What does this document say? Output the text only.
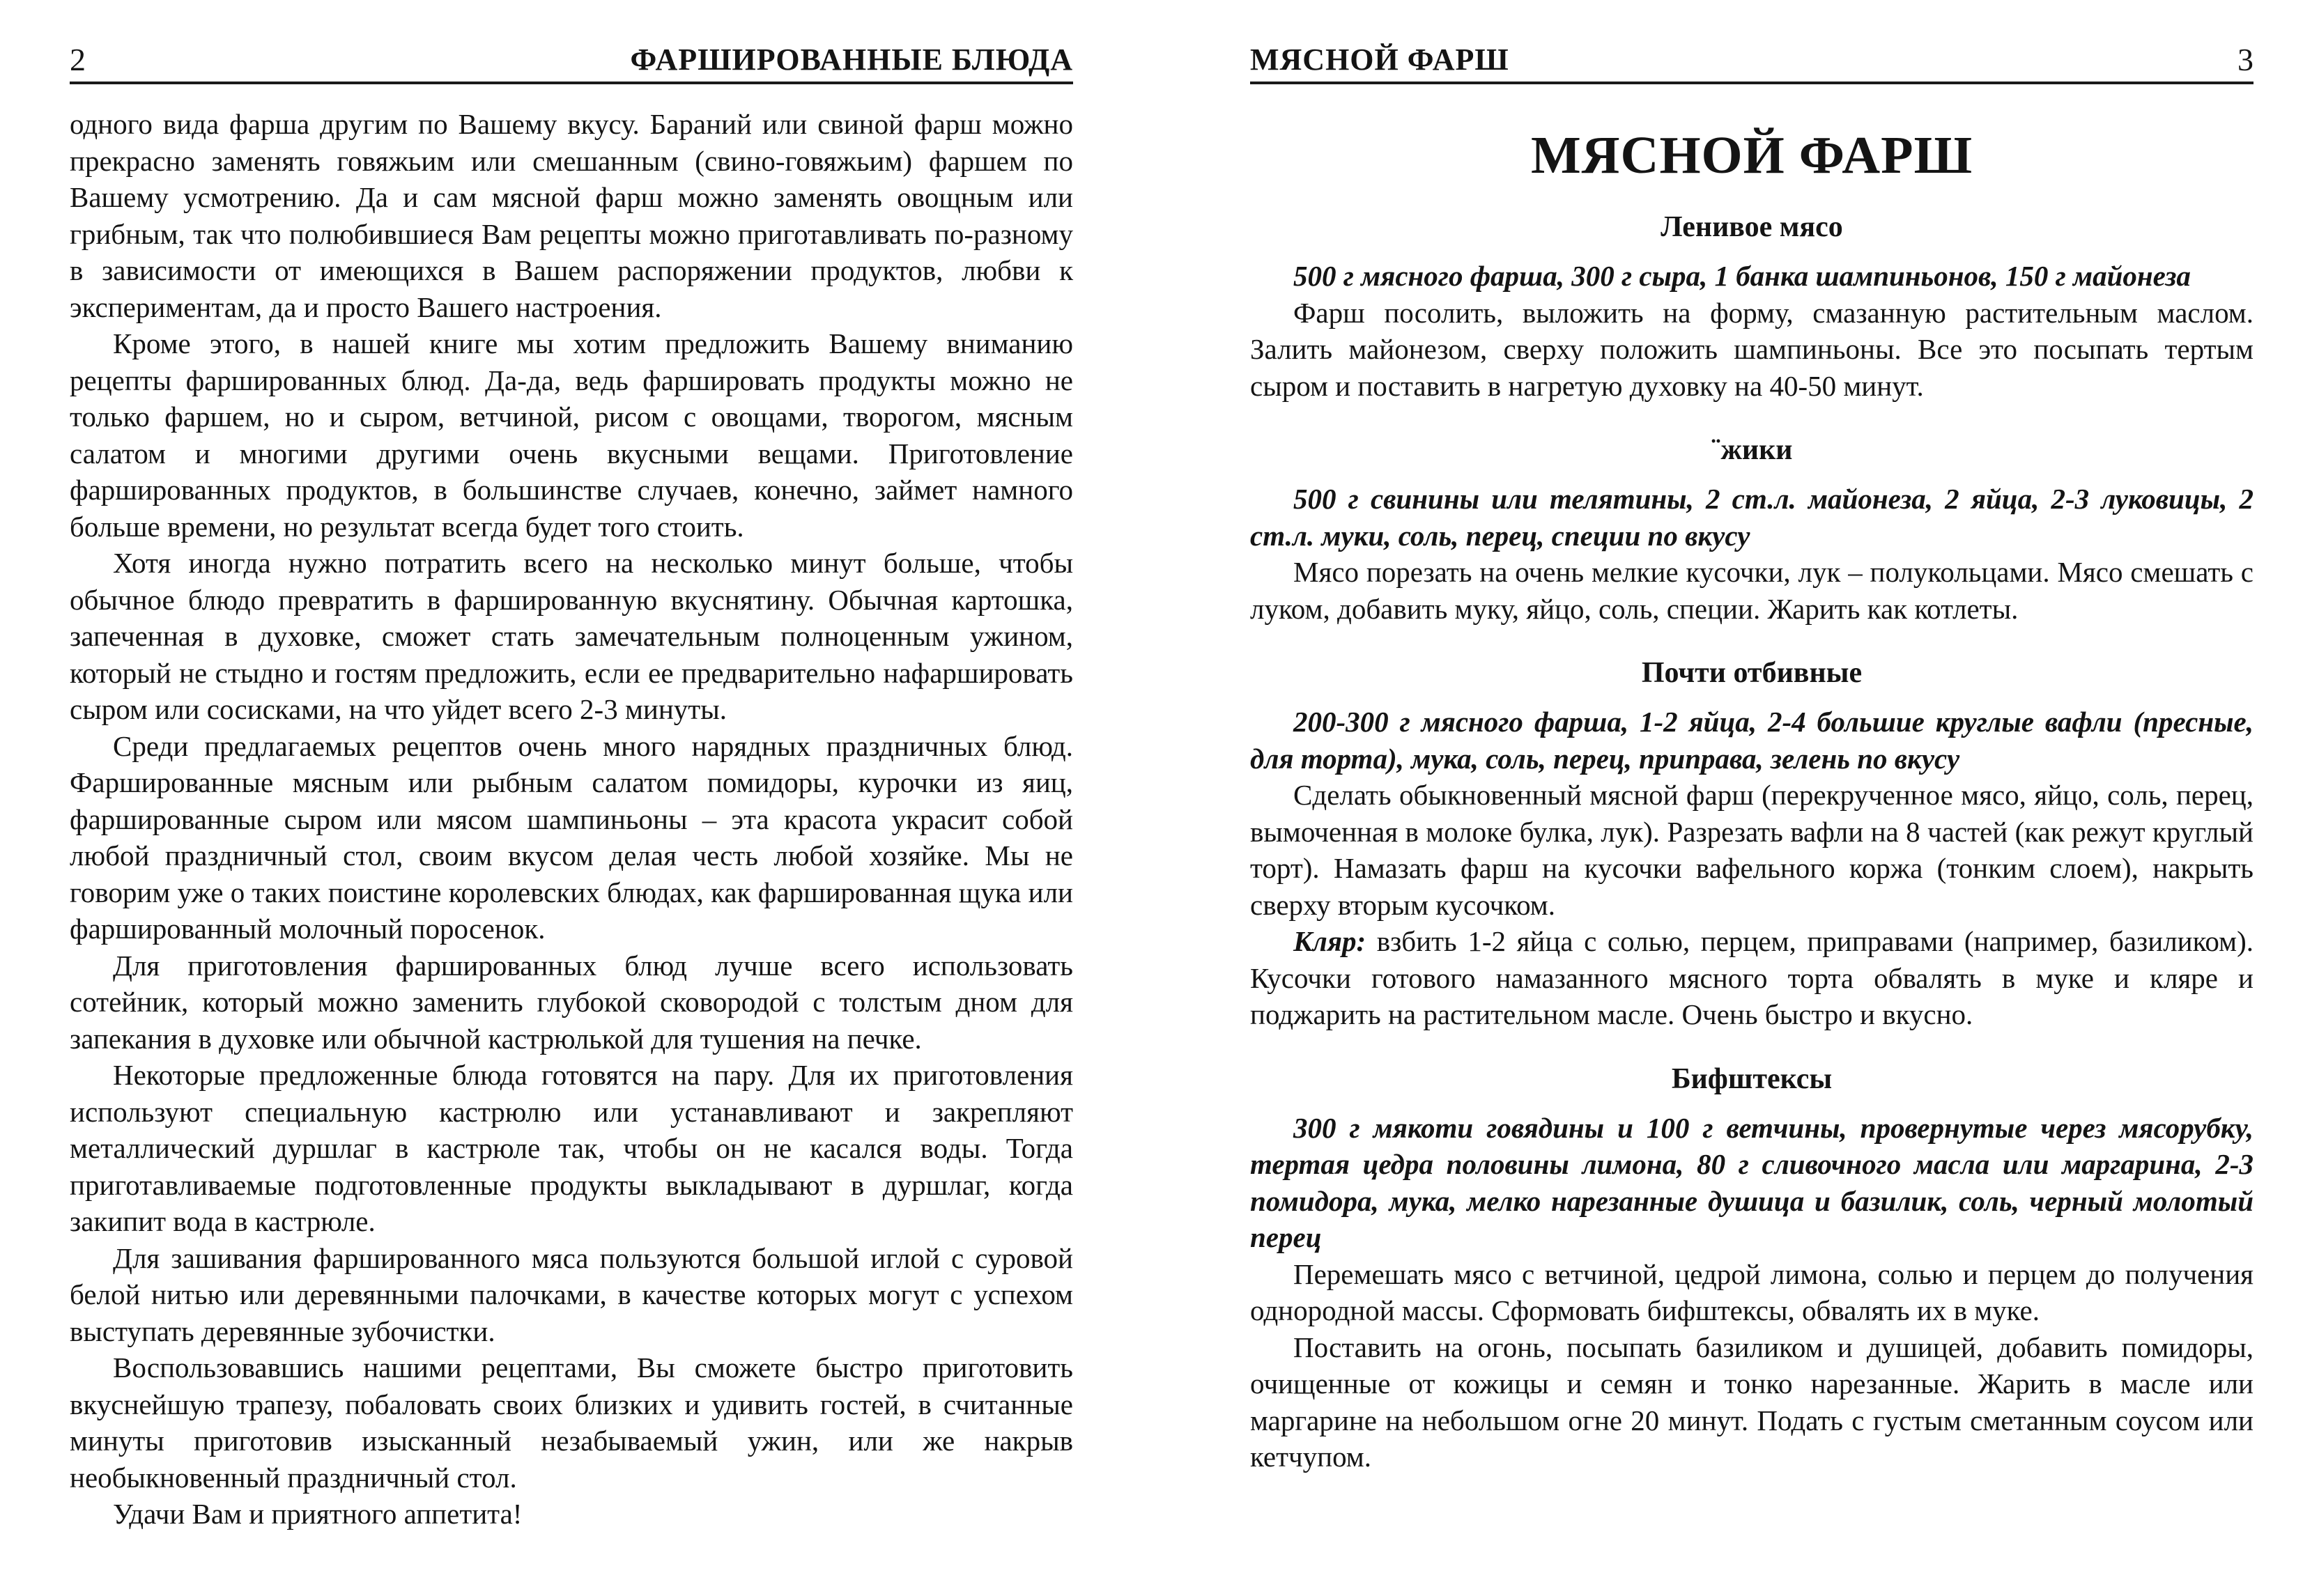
2	ФАРШИРОВАННЫЕ БЛЮДА

одного вида фарша другим по Вашему вкусу. Бараний или свиной фарш можно прекрасно заменять говяжьим или смешанным (свино-говяжьим) фаршем по Вашему усмотрению. Да и сам мясной фарш можно заменять овощным или грибным, так что полюбившиеся Вам рецепты можно приготавливать по-разному в зависимости от имеющихся в Вашем распоряжении продуктов, любви к экспериментам, да и просто Вашего настроения.

Кроме этого, в нашей книге мы хотим предложить Вашему вниманию рецепты фаршированных блюд. Да-да, ведь фаршировать продукты можно не только фаршем, но и сыром, ветчиной, рисом с овощами, творогом, мясным салатом и многими другими очень вкусными вещами. Приготовление фаршированных продуктов, в большинстве случаев, конечно, займет намного больше времени, но результат всегда будет того стоить.

Хотя иногда нужно потратить всего на несколько минут больше, чтобы обычное блюдо превратить в фаршированную вкуснятину. Обычная картошка, запеченная в духовке, сможет стать замечательным полноценным ужином, который не стыдно и гостям предложить, если ее предварительно нафаршировать сыром или сосисками, на что уйдет всего 2-3 минуты.

Среди предлагаемых рецептов очень много нарядных праздничных блюд. Фаршированные мясным или рыбным салатом помидоры, курочки из яиц, фаршированные сыром или мясом шампиньоны – эта красота украсит собой любой праздничный стол, своим вкусом делая честь любой хозяйке. Мы не говорим уже о таких поистине королевских блюдах, как фаршированная щука или фаршированный молочный поросенок.

Для приготовления фаршированных блюд лучше всего использовать сотейник, который можно заменить глубокой сковородой с толстым дном для запекания в духовке или обычной кастрюлькой для тушения на печке.

Некоторые предложенные блюда готовятся на пару. Для их приготовления используют специальную кастрюлю или устанавливают и закрепляют металлический дуршлаг в кастрюле так, чтобы он не касался воды. Тогда приготавливаемые подготовленные продукты выкладывают в дуршлаг, когда закипит вода в кастрюле.

Для зашивания фаршированного мяса пользуются большой иглой с суровой белой нитью или деревянными палочками, в качестве которых могут с успехом выступать деревянные зубочистки.

Воспользовавшись нашими рецептами, Вы сможете быстро приготовить вкуснейшую трапезу, побаловать своих близких и удивить гостей, в считанные минуты приготовив изысканный незабываемый ужин, или же накрыв необыкновенный праздничный стол.

Удачи Вам и приятного аппетита!

МЯСНОЙ ФАРШ	3
МЯСНОЙ ФАРШ
Ленивое мясо

500 г мясного фарша, 300 г сыра, 1 банка шампиньонов, 150 г майонеза

Фарш посолить, выложить на форму, смазанную растительным маслом. Залить майонезом, сверху положить шампиньоны. Все это посыпать тертым сыром и поставить в нагретую духовку на 40-50 минут.

¨жики

500 г свинины или телятины, 2 ст.л. майонеза, 2 яйца, 2-3 луковицы, 2 ст.л. муки, соль, перец, специи по вкусу

Мясо порезать на очень мелкие кусочки, лук – полукольцами. Мясо смешать с луком, добавить муку, яйцо, соль, специи. Жарить как котлеты.

Почти отбивные

200-300 г мясного фарша, 1-2 яйца, 2-4 большие круглые вафли (пресные, для торта), мука, соль, перец, приправа, зелень по вкусу

Сделать обыкновенный мясной фарш (перекрученное мясо, яйцо, соль, перец, вымоченная в молоке булка, лук). Разрезать вафли на 8 частей (как режут круглый торт). Намазать фарш на кусочки вафельного коржа (тонким слоем), накрыть сверху вторым кусочком.

Кляр: взбить 1-2 яйца с солью, перцем, приправами (например, базиликом). Кусочки готового намазанного мясного торта обвалять в муке и кляре и поджарить на растительном масле. Очень быстро и вкусно.

Бифштексы

300 г мякоти говядины и 100 г ветчины, провернутые через мясорубку, тертая цедра половины лимона, 80 г сливочного масла или маргарина, 2-3 помидора, мука, мелко нарезанные душица и базилик, соль, черный молотый перец

Перемешать мясо с ветчиной, цедрой лимона, солью и перцем до получения однородной массы. Сформовать бифштексы, обвалять их в муке.

Поставить на огонь, посыпать базиликом и душицей, добавить помидоры, очищенные от кожицы и семян и тонко нарезанные. Жарить в масле или маргарине на небольшом огне 20 минут. Подать с густым сметанным соусом или кетчупом.
